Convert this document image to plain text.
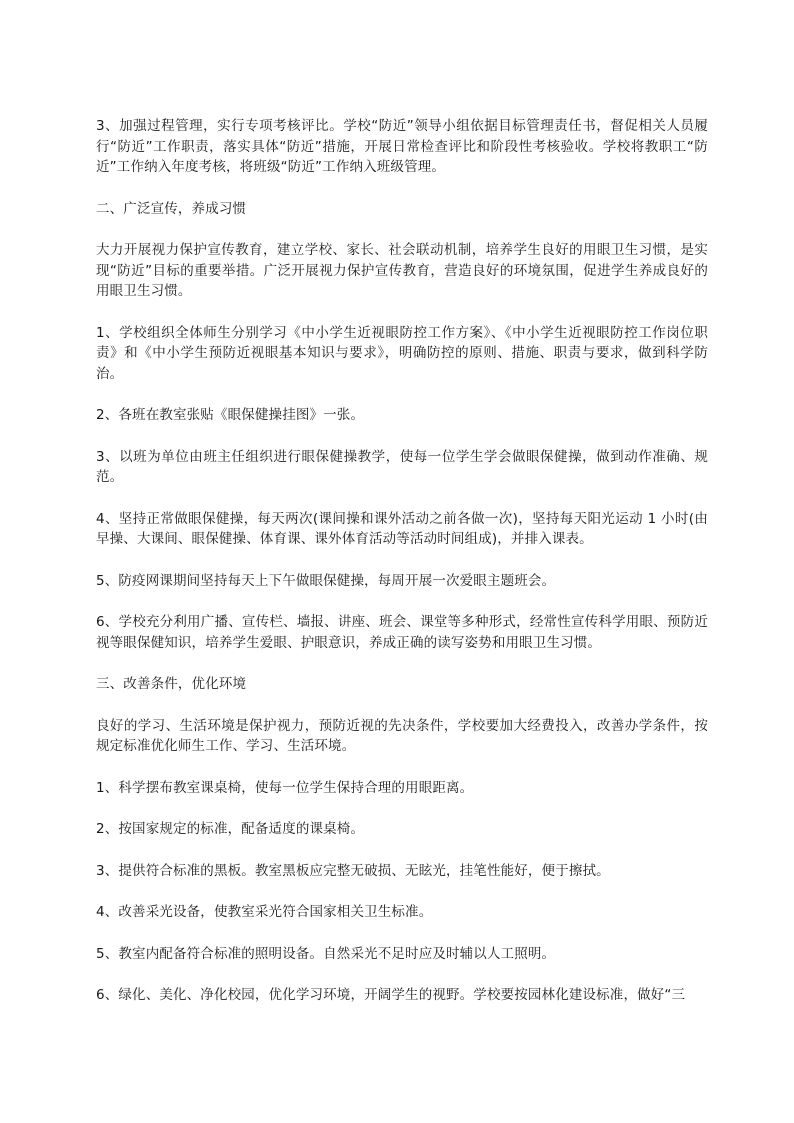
3、加强过程管理，实行专项考核评比。学校“防近”领导小组依据目标管理责任书，督促相关人员履行“防近”工作职责，落实具体“防近”措施，开展日常检查评比和阶段性考核验收。学校将教职工“防近”工作纳入年度考核，将班级“防近”工作纳入班级管理。

二、广泛宣传，养成习惯

大力开展视力保护宣传教育，建立学校、家长、社会联动机制，培养学生良好的用眼卫生习惯，是实现“防近”目标的重要举措。广泛开展视力保护宣传教育，营造良好的环境氛围，促进学生养成良好的用眼卫生习惯。

1、学校组织全体师生分别学习《中小学生近视眼防控工作方案》、《中小学生近视眼防控工作岗位职责》和《中小学生预防近视眼基本知识与要求》，明确防控的原则、措施、职责与要求，做到科学防治。

2、各班在教室张贴《眼保健操挂图》一张。

3、以班为单位由班主任组织进行眼保健操教学，使每一位学生学会做眼保健操，做到动作准确、规范。

4、坚持正常做眼保健操，每天两次(课间操和课外活动之前各做一次)，坚持每天阳光运动 1 小时(由早操、大课间、眼保健操、体育课、课外体育活动等活动时间组成)，并排入课表。

5、防疫网课期间坚持每天上下午做眼保健操，每周开展一次爱眼主题班会。

6、学校充分利用广播、宣传栏、墙报、讲座、班会、课堂等多种形式，经常性宣传科学用眼、预防近视等眼保健知识，培养学生爱眼、护眼意识，养成正确的读写姿势和用眼卫生习惯。

三、改善条件，优化环境

良好的学习、生活环境是保护视力，预防近视的先决条件，学校要加大经费投入，改善办学条件，按规定标准优化师生工作、学习、生活环境。

1、科学摆布教室课桌椅，使每一位学生保持合理的用眼距离。

2、按国家规定的标准，配备适度的课桌椅。

3、提供符合标准的黑板。教室黑板应完整无破损、无眩光，挂笔性能好，便于擦拭。

4、改善采光设备，使教室采光符合国家相关卫生标准。

5、教室内配备符合标准的照明设备。自然采光不足时应及时辅以人工照明。

6、绿化、美化、净化校园，优化学习环境，开阔学生的视野。学校要按园林化建设标准，做好“三
